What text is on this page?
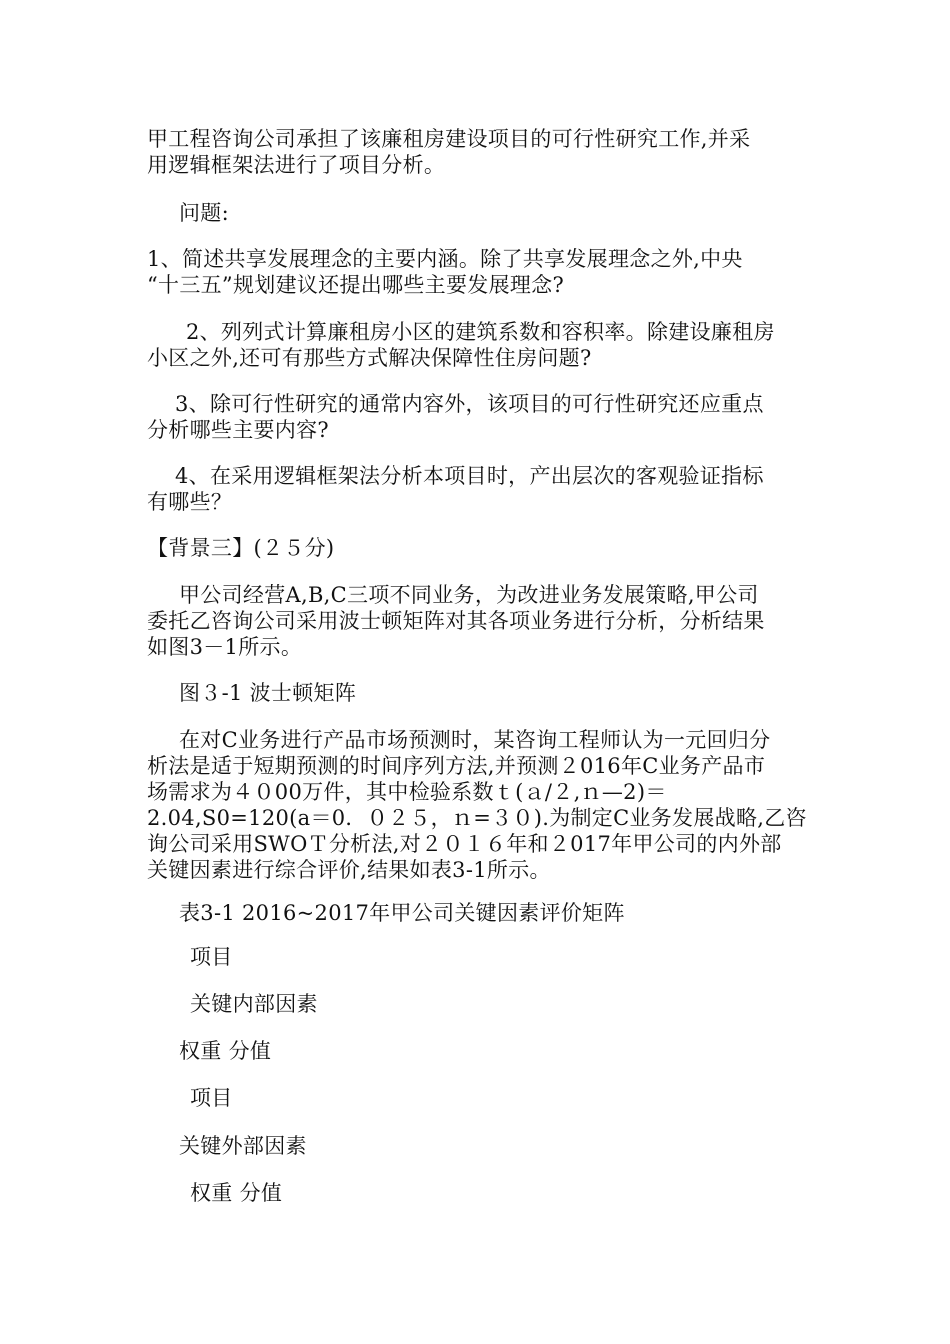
甲工程咨询公司承担了该廉租房建设项目的可行性研究工作,并采
用逻辑框架法进行了项目分析。
问题:
1、简述共享发展理念的主要内涵。除了共享发展理念之外,中央
“十三五”规划建议还提出哪些主要发展理念?
2、列列式计算廉租房小区的建筑系数和容积率。除建设廉租房
小区之外,还可有那些方式解决保障性住房问题?
3、除可行性研究的通常内容外，该项目的可行性研究还应重点
分析哪些主要内容?
4、在采用逻辑框架法分析本项目时，产出层次的客观验证指标
有哪些？
【背景三】(２５分)
甲公司经营A,B,C三项不同业务，为改进业务发展策略,甲公司
委托乙咨询公司采用波士顿矩阵对其各项业务进行分析，分析结果
如图3－1所示。
图３-1 波士顿矩阵
在对C业务进行产品市场预测时，某咨询工程师认为一元回归分
析法是适于短期预测的时间序列方法,并预测２016年C业务产品市
场需求为４０00万件，其中检验系数ｔ(ａ/２,ｎ—2)＝
2.04,S0=120(a＝0．０２５，ｎ=３０).为制定C业务发展战略,乙咨
询公司采用SWOＴ分析法,对２０１６年和２017年甲公司的内外部
关键因素进行综合评价,结果如表3-1所示。
表3-1 2016~2017年甲公司关键因素评价矩阵
项目
关键内部因素
权重 分值
项目
关键外部因素
权重 分值
